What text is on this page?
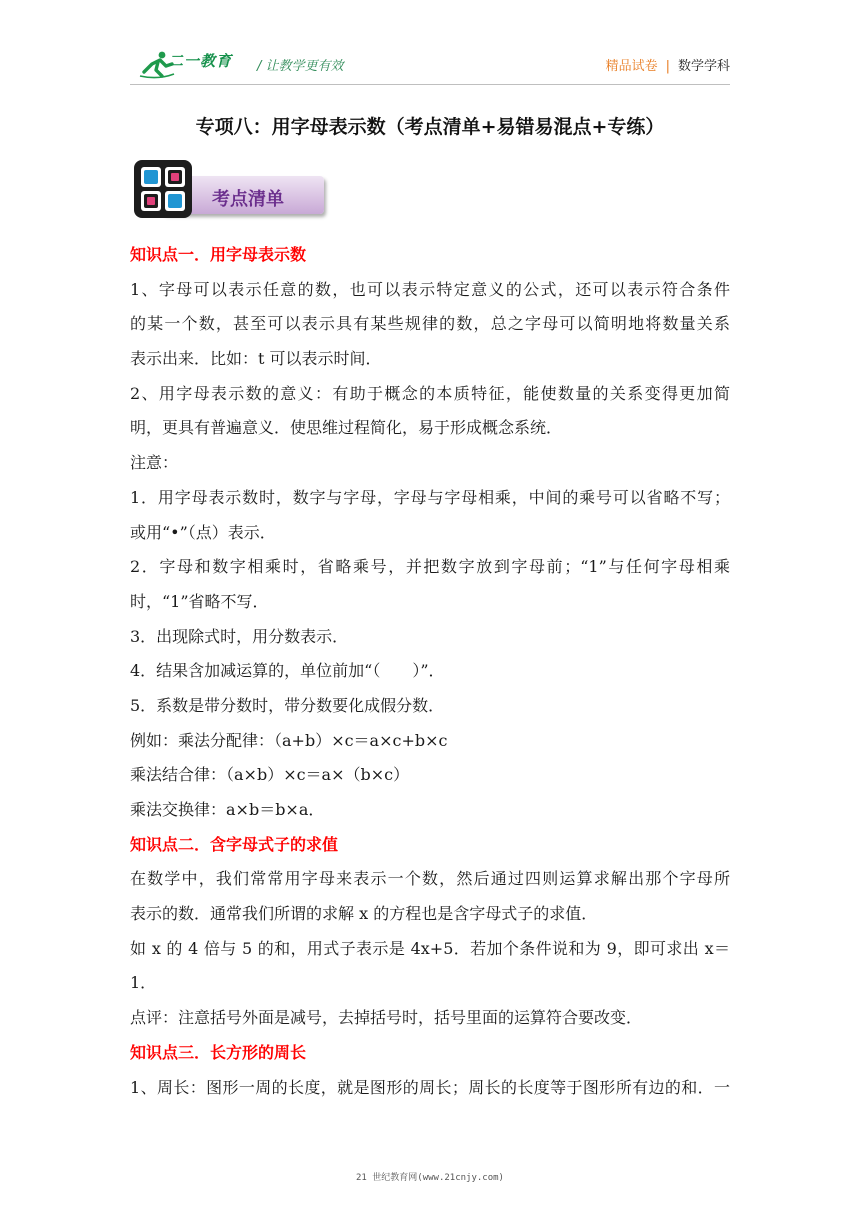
二一教育 / 让教学更有效	精品试卷 | 数学学科
专项八：用字母表示数（考点清单+易错易混点+专练）
考点清单
知识点一．用字母表示数
1、字母可以表示任意的数，也可以表示特定意义的公式，还可以表示符合条件
的某一个数，甚至可以表示具有某些规律的数，总之字母可以简明地将数量关系
表示出来．比如：t 可以表示时间．
2、用字母表示数的意义：有助于概念的本质特征，能使数量的关系变得更加简
明，更具有普遍意义．使思维过程简化，易于形成概念系统．
注意：
1．用字母表示数时，数字与字母，字母与字母相乘，中间的乘号可以省略不写；
或用“•”（点）表示．
2．字母和数字相乘时，省略乘号，并把数字放到字母前；“1”与任何字母相乘
时，“1”省略不写．
3．出现除式时，用分数表示．
4．结果含加减运算的，单位前加“（　　）”．
5．系数是带分数时，带分数要化成假分数．
例如：乘法分配律：（a+b）×c＝a×c+b×c
乘法结合律：（a×b）×c＝a×（b×c）
乘法交换律：a×b＝b×a．
知识点二．含字母式子的求值
在数学中，我们常常用字母来表示一个数，然后通过四则运算求解出那个字母所
表示的数．通常我们所谓的求解 x 的方程也是含字母式子的求值．
如 x 的 4 倍与 5 的和，用式子表示是 4x+5．若加个条件说和为 9，即可求出 x＝
1．
点评：注意括号外面是减号，去掉括号时，括号里面的运算符合要改变．
知识点三．长方形的周长
1、周长：图形一周的长度，就是图形的周长；周长的长度等于图形所有边的和．一
21 世纪教育网(www.21cnjy.com)
